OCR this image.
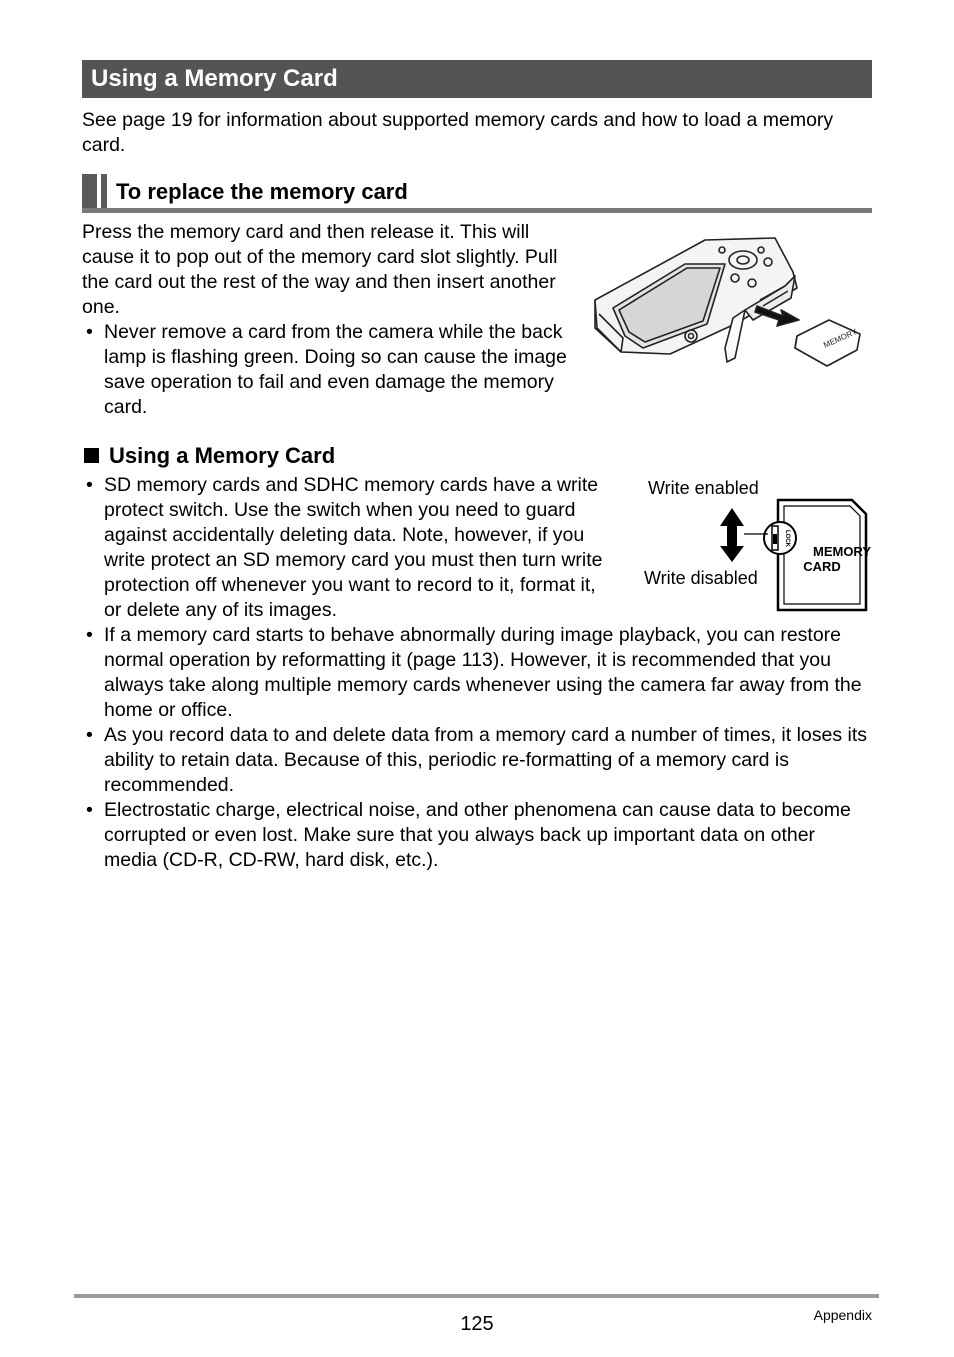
Using a Memory Card
See page 19 for information about supported memory cards and how to load a memory card.
To replace the memory card
Press the memory card and then release it. This will cause it to pop out of the memory card slot slightly. Pull the card out the rest of the way and then insert another one.
• Never remove a card from the camera while the back lamp is flashing green. Doing so can cause the image save operation to fail and even damage the memory card.
MEMORY
Using a Memory Card
Write enabled
Write disabled
MEMORY
CARD
LOCK
• SD memory cards and SDHC memory cards have a write protect switch. Use the switch when you need to guard against accidentally deleting data. Note, however, if you write protect an SD memory card you must then turn write protection off whenever you want to record to it, format it, or delete any of its images.
• If a memory card starts to behave abnormally during image playback, you can restore normal operation by reformatting it (page 113). However, it is recommended that you always take along multiple memory cards whenever using the camera far away from the home or office.
• As you record data to and delete data from a memory card a number of times, it loses its ability to retain data. Because of this, periodic re-formatting of a memory card is recommended.
• Electrostatic charge, electrical noise, and other phenomena can cause data to become corrupted or even lost. Make sure that you always back up important data on other media (CD-R, CD-RW, hard disk, etc.).
125	Appendix
